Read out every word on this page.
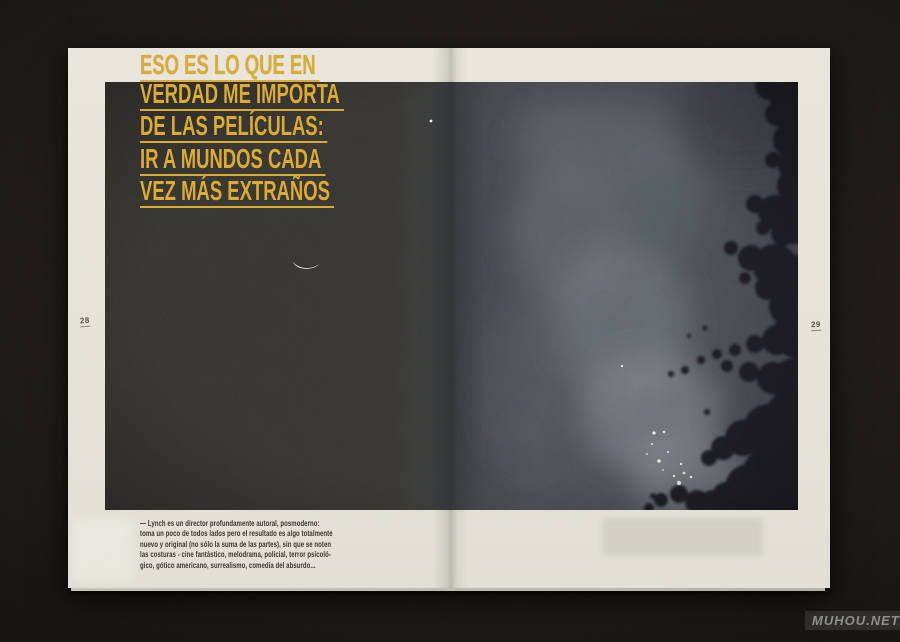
ESO ES LO QUE EN
VERDAD ME IMPORTA
DE LAS PELÍCULAS:
IR A MUNDOS CADA
VEZ MÁS EXTRAÑOS
28	29
— Lynch es un director profundamente autoral, posmoderno:
toma un poco de todos lados pero el resultado es algo totalmente
nuevo y original (no sólo la suma de las partes), sin que se noten
las costuras - cine fantástico, melodrama, policial, terror psicoló-
gico, gótico americano, surrealismo, comedia del absurdo...
MUHOU.NET
